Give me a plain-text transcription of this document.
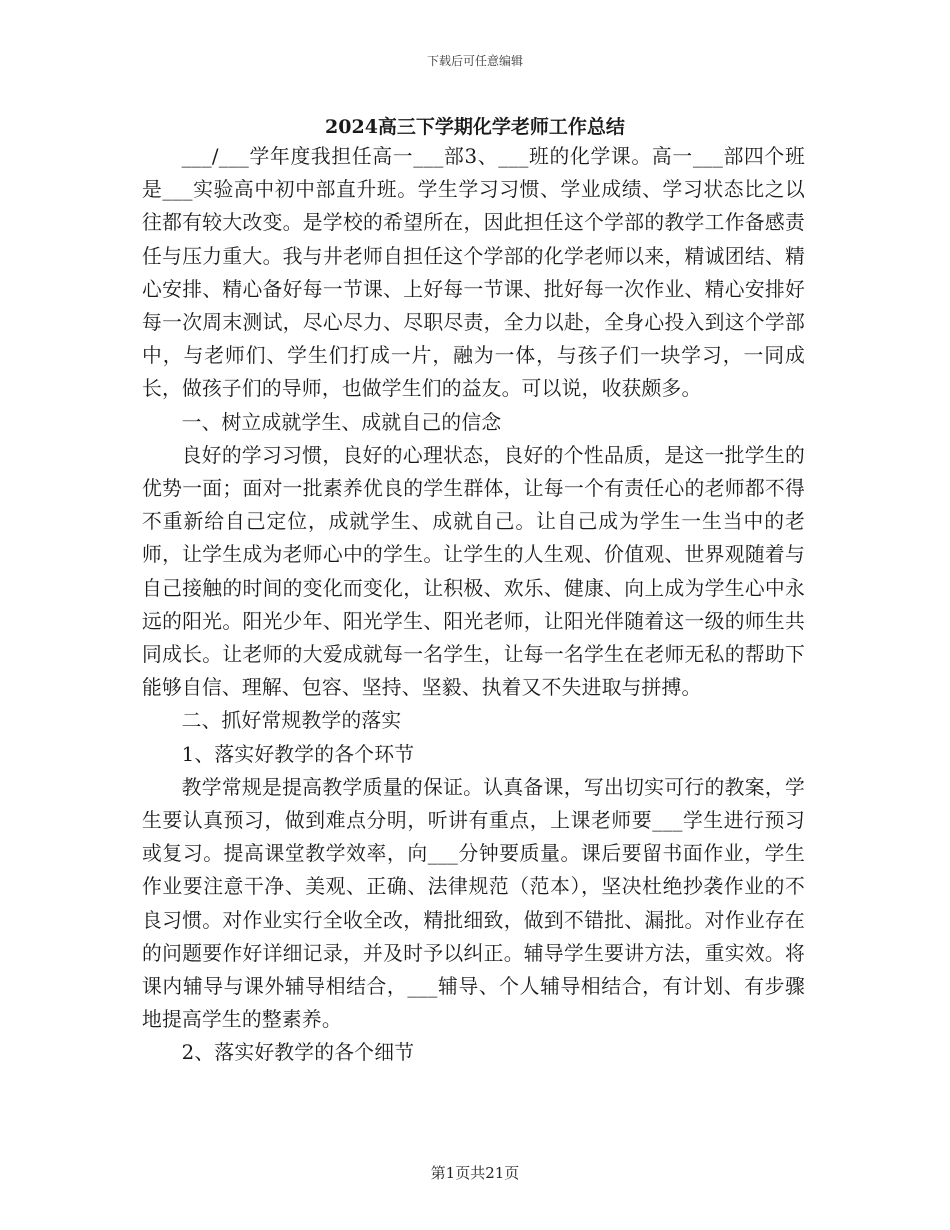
下载后可任意编辑
2024高三下学期化学老师工作总结

___/___学年度我担任高一___部3、___班的化学课。高一___部四个班是___实验高中初中部直升班。学生学习习惯、学业成绩、学习状态比之以往都有较大改变。是学校的希望所在，因此担任这个学部的教学工作备感责任与压力重大。我与井老师自担任这个学部的化学老师以来，精诚团结、精心安排、精心备好每一节课、上好每一节课、批好每一次作业、精心安排好每一次周末测试，尽心尽力、尽职尽责，全力以赴，全身心投入到这个学部中，与老师们、学生们打成一片，融为一体，与孩子们一块学习，一同成长，做孩子们的导师，也做学生们的益友。可以说，收获颇多。

一、树立成就学生、成就自己的信念

良好的学习习惯，良好的心理状态，良好的个性品质，是这一批学生的优势一面；面对一批素养优良的学生群体，让每一个有责任心的老师都不得不重新给自己定位，成就学生、成就自己。让自己成为学生一生当中的老师，让学生成为老师心中的学生。让学生的人生观、价值观、世界观随着与自己接触的时间的变化而变化，让积极、欢乐、健康、向上成为学生心中永远的阳光。阳光少年、阳光学生、阳光老师，让阳光伴随着这一级的师生共同成长。让老师的大爱成就每一名学生，让每一名学生在老师无私的帮助下能够自信、理解、包容、坚持、坚毅、执着又不失进取与拼搏。

二、抓好常规教学的落实

1、落实好教学的各个环节

教学常规是提高教学质量的保证。认真备课，写出切实可行的教案，学生要认真预习，做到难点分明，听讲有重点，上课老师要___学生进行预习或复习。提高课堂教学效率，向___分钟要质量。课后要留书面作业，学生作业要注意干净、美观、正确、法律规范（范本），坚决杜绝抄袭作业的不良习惯。对作业实行全收全改，精批细致，做到不错批、漏批。对作业存在的问题要作好详细记录，并及时予以纠正。辅导学生要讲方法，重实效。将课内辅导与课外辅导相结合，___辅导、个人辅导相结合，有计划、有步骤地提高学生的整素养。

2、落实好教学的各个细节

第1页共21页
